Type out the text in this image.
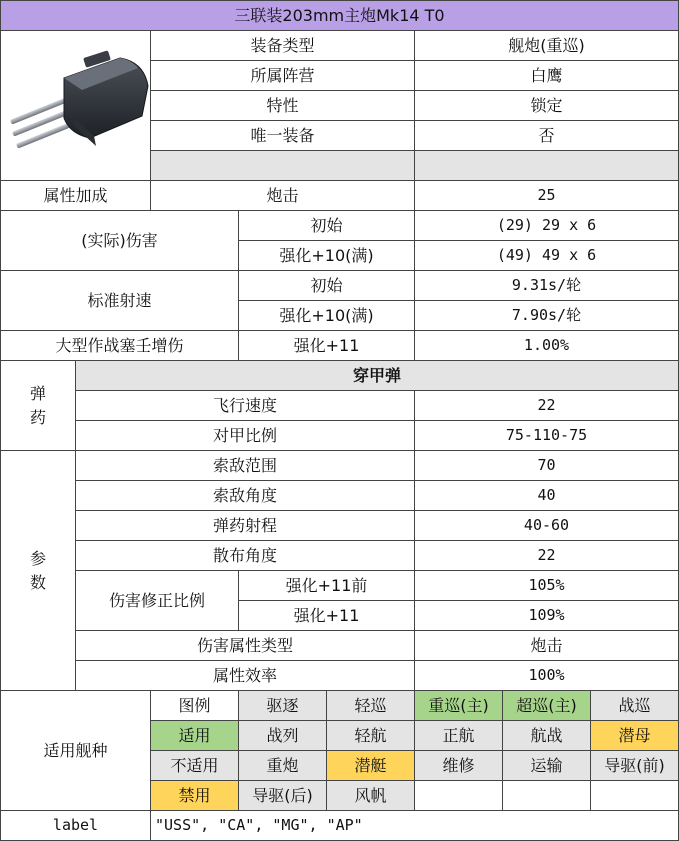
三联装203mm主炮Mk14 T0
装备类型	舰炮(重巡)
所属阵营	白鹰
特性	锁定
唯一装备	否
属性加成	炮击	25
(实际)伤害
初始	(29) 29 x 6
强化+10(满)	(49) 49 x 6
标准射速
初始	9.31s/轮
强化+10(满)	7.90s/轮
大型作战塞壬增伤	强化+11	1.00%
弹
药
穿甲弹
飞行速度	22
对甲比例	75-110-75
参
数
索敌范围	70
索敌角度	40
弹药射程	40-60
散布角度	22
伤害修正比例
强化+11前	105%
强化+11	109%
伤害属性类型	炮击
属性效率	100%
适用舰种
图例	驱逐	轻巡	重巡(主)	超巡(主)	战巡
适用	战列	轻航	正航	航战	潜母
不适用	重炮	潜艇	维修	运输	导驱(前)
禁用	导驱(后)	风帆
label	"USS", "CA", "MG", "AP"
